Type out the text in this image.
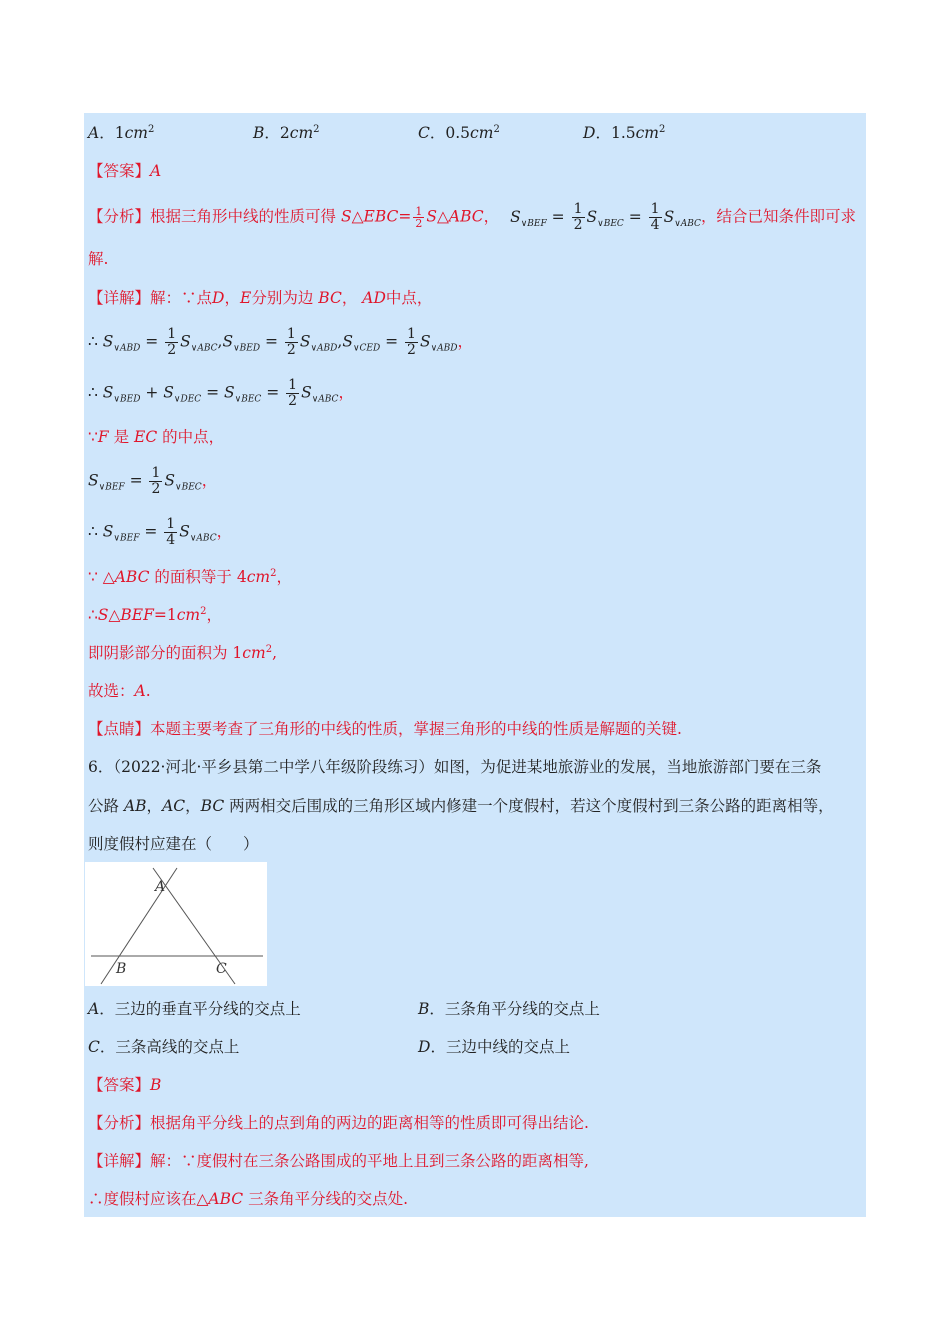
A．$1cm^2$	B．$2cm^2$	C．$0.5cm^2$	D．$1.5cm^2$
【答案】A
【分析】根据三角形中线的性质可得 S△EBC= $\frac{1}{2}$ S△ABC， $S_{\vee BEF} = \frac{1}{2} S_{\vee BEC} = \frac{1}{4} S_{\vee ABC}$，结合已知条件即可求
解.
【详解】解：∵点D，E分别为边 BC， AD中点，
∴ $S_{\vee ABD} = \frac{1}{2} S_{\vee ABC},S_{\vee BED} = \frac{1}{2} S_{\vee ABD},S_{\vee CED} = \frac{1}{2} S_{\vee ABD}$，
∴ $S_{\vee BED} + S_{\vee DEC} = S_{\vee BEC} = \frac{1}{2} S_{\vee ABC}$，
∵F 是 EC 的中点，
$S_{\vee BEF} = \frac{1}{2} S_{\vee BEC}$，
∴ $S_{\vee BEF} = \frac{1}{4} S_{\vee ABC}$，
∵ △ABC 的面积等于 $4cm^2$，
$\therefore S\triangle BEF=1cm^2$，
即阴影部分的面积为 $1cm^2$,
故选：A.
【点睛】本题主要考查了三角形的中线的性质，掌握三角形的中线的性质是解题的关键.
6．（2022·河北·平乡县第二中学八年级阶段练习）如图，为促进某地旅游业的发展，当地旅游部门要在三条
公路 AB，AC，BC 两两相交后围成的三角形区域内修建一个度假村，若这个度假村到三条公路的距离相等，
则度假村应建在（　　）
A
B	C
A．三边的垂直平分线的交点上	B．三条角平分线的交点上
C．三条高线的交点上	D．三边中线的交点上
【答案】B
【分析】根据角平分线上的点到角的两边的距离相等的性质即可得出结论.
【详解】解：∵度假村在三条公路围成的平地上且到三条公路的距离相等,
∴度假村应该在△ABC 三条角平分线的交点处.
